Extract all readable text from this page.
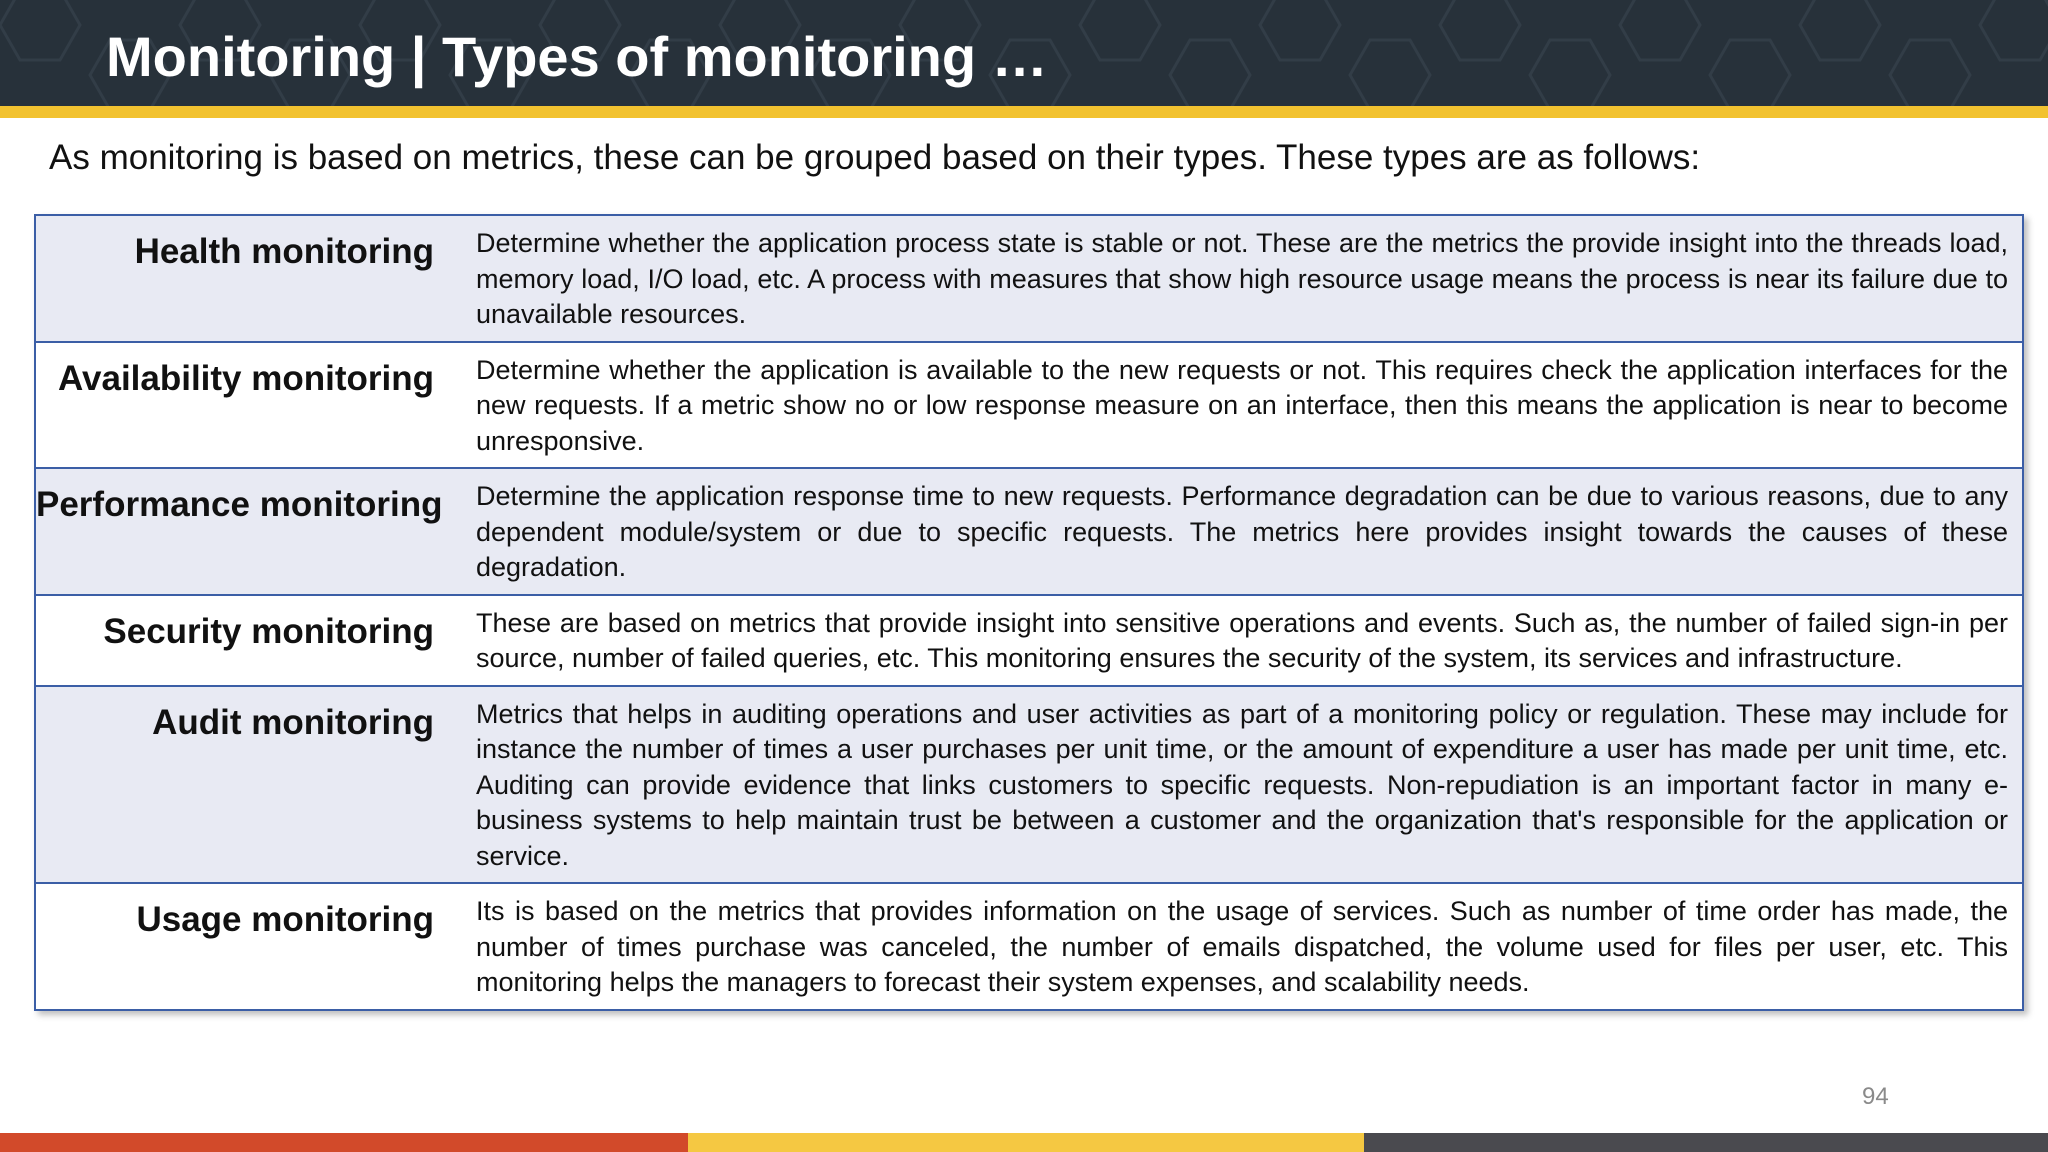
Monitoring | Types of monitoring …
As monitoring is based on metrics, these can be grouped based on their types. These types are as follows:
Health monitoring	Determine whether the application process state is stable or not. These are the metrics the provide insight into the threads load, memory load, I/O load, etc. A process with measures that show high resource usage means the process is near its failure due to unavailable resources.
Availability monitoring	Determine whether the application is available to the new requests or not. This requires check the application interfaces for the new requests. If a metric show no or low response measure on an interface, then this means the application is near to become unresponsive.
Performance monitoring	Determine the application response time to new requests. Performance degradation can be due to various reasons, due to any dependent module/system or due to specific requests. The metrics here provides insight towards the causes of these degradation.
Security monitoring	These are based on metrics that provide insight into sensitive operations and events. Such as, the number of failed sign-in per source, number of failed queries, etc. This monitoring ensures the security of the system, its services and infrastructure.
Audit monitoring	Metrics that helps in auditing operations and user activities as part of a monitoring policy or regulation. These may include for instance the number of times a user purchases per unit time, or the amount of expenditure a user has made per unit time, etc. Auditing can provide evidence that links customers to specific requests. Non-repudiation is an important factor in many e-business systems to help maintain trust be between a customer and the organization that's responsible for the application or service.
Usage monitoring	Its is based on the metrics that provides information on the usage of services. Such as number of time order has made, the number of times purchase was canceled, the number of emails dispatched, the volume used for files per user, etc. This monitoring helps the managers to forecast their system expenses, and scalability needs.
94
